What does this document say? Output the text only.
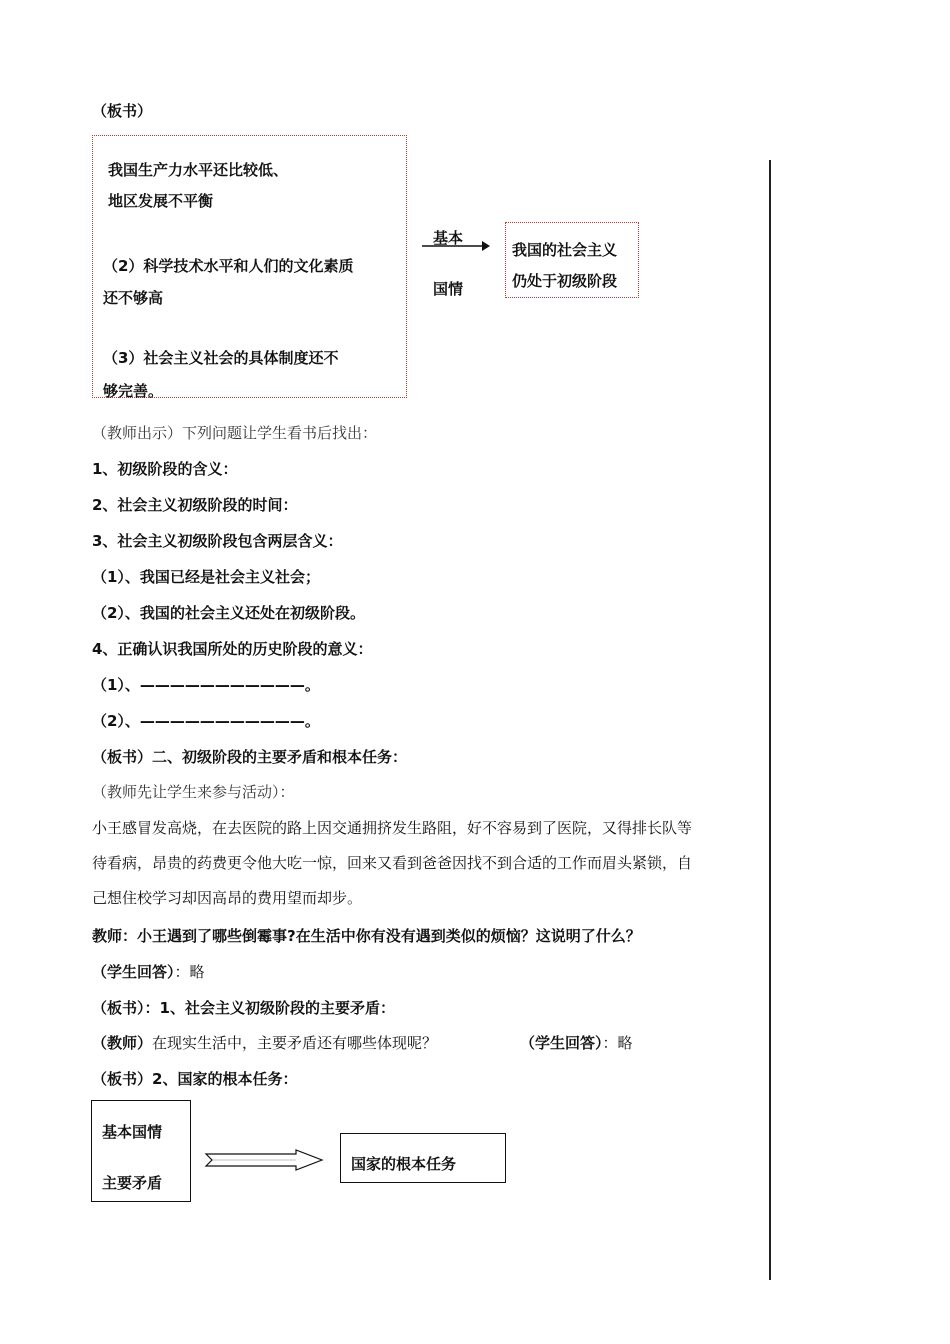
（板书）
我国生产力水平还比较低、
地区发展不平衡
（2）科学技术水平和人们的文化素质
还不够高
（3）社会主义社会的具体制度还不
够完善。
基本
国情
我国的社会主义
仍处于初级阶段
（教师出示）下列问题让学生看书后找出：
1、初级阶段的含义：
2、社会主义初级阶段的时间：
3、社会主义初级阶段包含两层含义：
（1）、我国已经是社会主义社会；
（2）、我国的社会主义还处在初级阶段。
4、正确认识我国所处的历史阶段的意义：
（1）、———————————。
（2）、———————————。
（板书）二、初级阶段的主要矛盾和根本任务：
（教师先让学生来参与活动）：
小王感冒发高烧，在去医院的路上因交通拥挤发生路阻，好不容易到了医院，又得排长队等
待看病，昂贵的药费更令他大吃一惊，回来又看到爸爸因找不到合适的工作而眉头紧锁，自
己想住校学习却因高昂的费用望而却步。
教师：小王遇到了哪些倒霉事?在生活中你有没有遇到类似的烦恼？这说明了什么？
（学生回答）：略
（板书）：1、社会主义初级阶段的主要矛盾：
（教师）在现实生活中，主要矛盾还有哪些体现呢？	（学生回答）：略
（板书）2、国家的根本任务：
基本国情
主要矛盾
国家的根本任务
